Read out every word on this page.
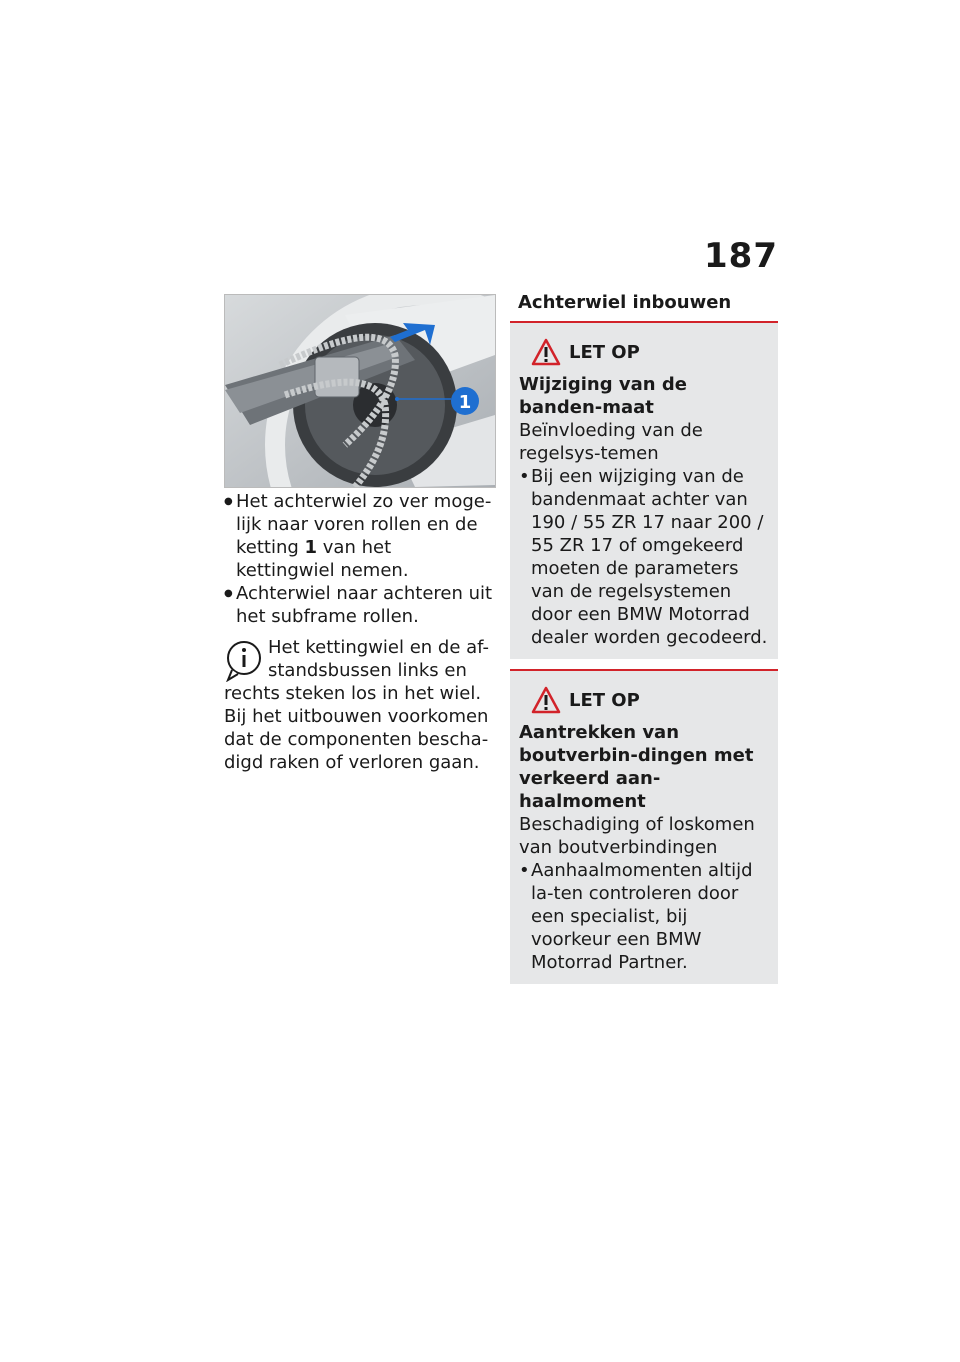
187
1

● Het achterwiel zo ver moge-lijk naar voren rollen en de ketting 1 van het kettingwiel nemen.

● Achterwiel naar achteren uit het subframe rollen.

Het kettingwiel en de af-standsbussen links en rechts steken los in het wiel. Bij het uitbouwen voorkomen dat de componenten bescha-digd raken of verloren gaan.
Achterwiel inbouwen
LET OP
Wijziging van de banden-maat
Beïnvloeding van de regelsys-temen
• Bij een wijziging van de bandenmaat achter van 190 / 55 ZR 17 naar 200 / 55 ZR 17 of omgekeerd moeten de parameters van de regelsystemen door een BMW Motorrad dealer worden gecodeerd.
LET OP
Aantrekken van boutverbin-dingen met verkeerd aan-haalmoment
Beschadiging of loskomen van boutverbindingen
• Aanhaalmomenten altijd la-ten controleren door een specialist, bij voorkeur een BMW Motorrad Partner.
